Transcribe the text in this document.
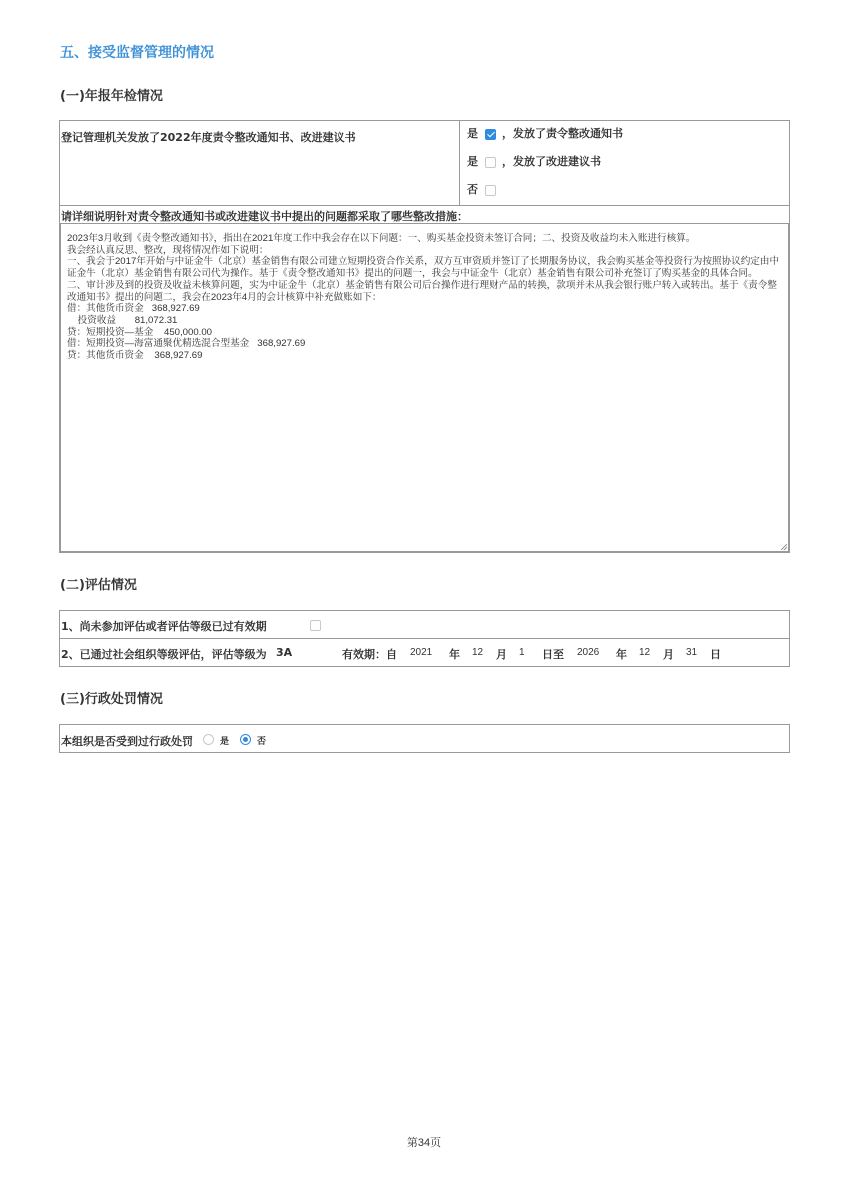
五、接受监督管理的情况
(一)年报年检情况
登记管理机关发放了2022年度责令整改通知书、改进建议书	是 ，发放了责令整改通知书
是 ，发放了改进建议书
否
请详细说明针对责令整改通知书或改进建议书中提出的问题都采取了哪些整改措施：
2023年3月收到《责令整改通知书》，指出在2021年度工作中我会存在以下问题：一、购买基金投资未签订合同；二、投资及收益均未入账进行核算。
我会经认真反思、整改，现将情况作如下说明：
一、我会于2017年开始与中证金牛（北京）基金销售有限公司建立短期投资合作关系，双方互审资质并签订了长期服务协议，我会购买基金等投资行为按照协议约定由中证金牛（北京）基金销售有限公司代为操作。基于《责令整改通知书》提出的问题一，我会与中证金牛（北京）基金销售有限公司补充签订了购买基金的具体合同。
二、审计涉及到的投资及收益未核算问题，实为中证金牛（北京）基金销售有限公司后台操作进行理财产品的转换，款项并未从我会银行账户转入或转出。基于《责令整改通知书》提出的问题二，我会在2023年4月的会计核算中补充做账如下：
借：其他货币资金   368,927.69
投资收益       81,072.31
贷：短期投资—基金    450,000.00
借：短期投资—海富通聚优精选混合型基金   368,927.69
贷：其他货币资金    368,927.69
(二)评估情况
1、尚未参加评估或者评估等级已过有效期
2、已通过社会组织等级评估，评估等级为 3A	有效期：自 2021 年 12 月 1 日至 2026 年 12 月 31 日
(三)行政处罚情况
本组织是否受到过行政处罚	是	否
第34页
